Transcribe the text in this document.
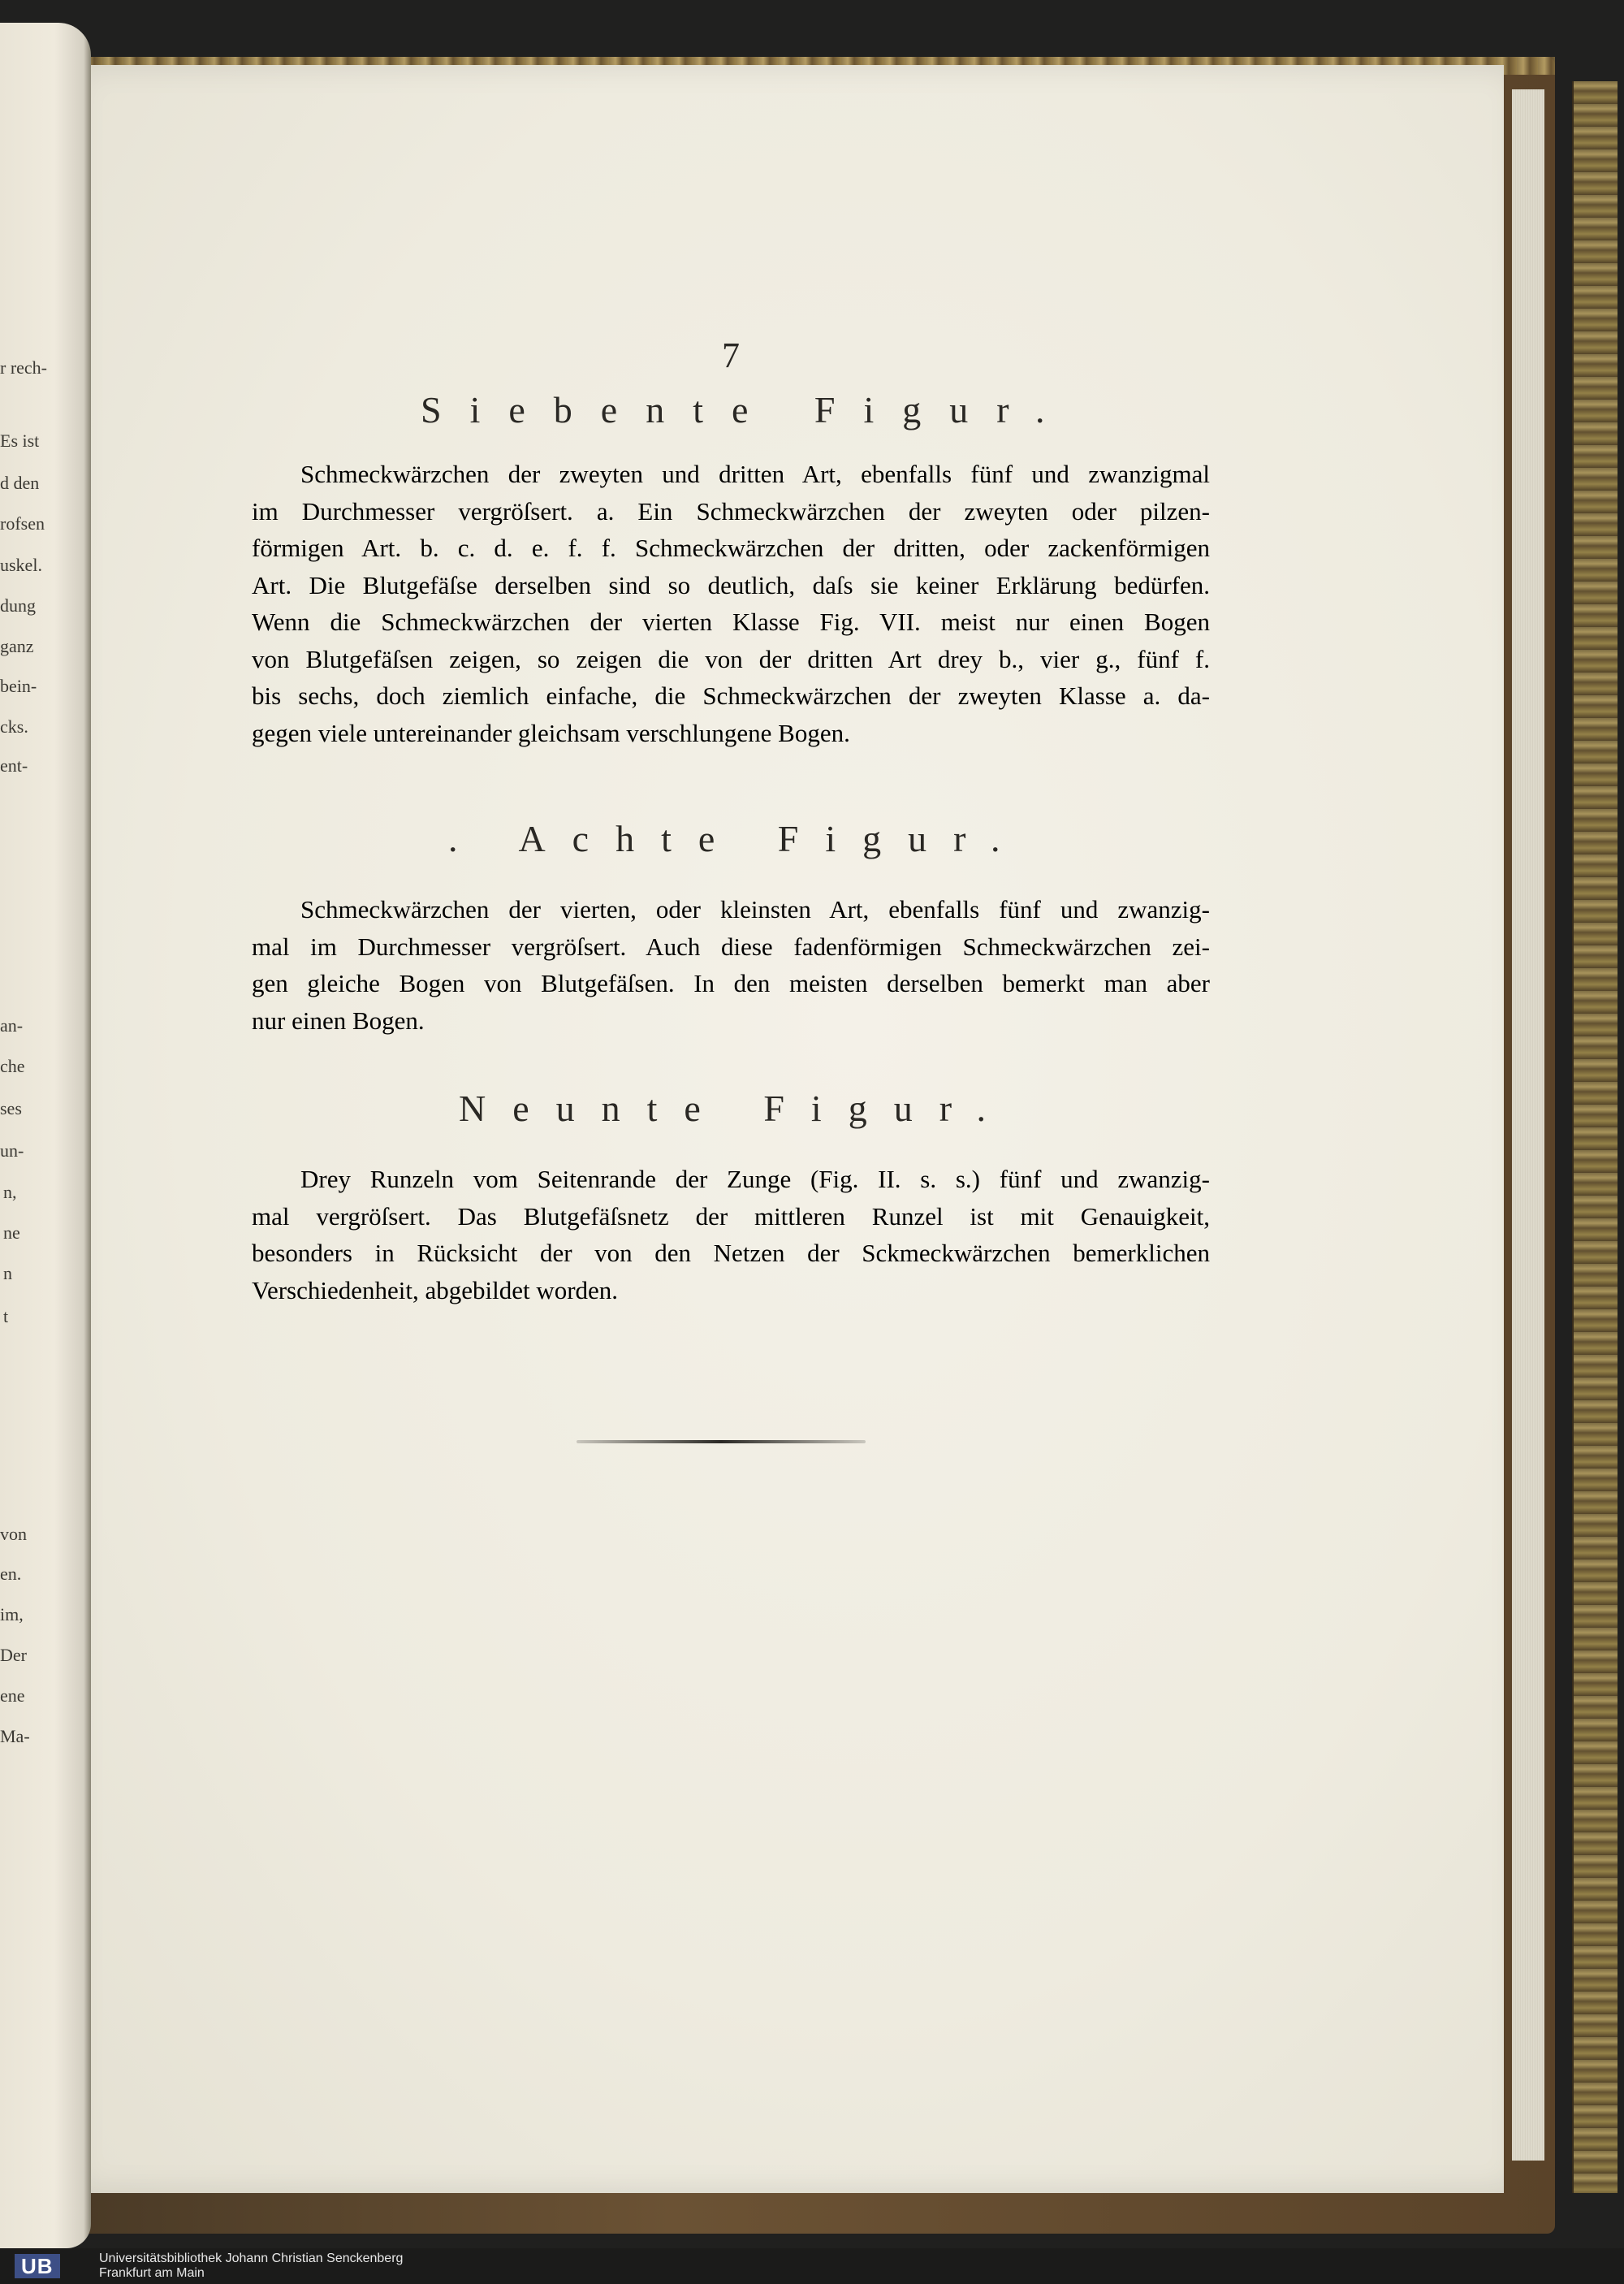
r rech-
Es ist
d den
rofsen
uskel.
dung
ganz
bein-
cks.
ent-
an-
che
ses
un-
n,
ne
n
t
von
en.
im,
Der
ene
Ma-
7
Siebente Figur.
Schmeckwärzchen der zweyten und dritten Art, ebenfalls fünf und zwanzigmal
im Durchmesser vergröſsert. a. Ein Schmeckwärzchen der zweyten oder pilzen-
förmigen Art. b. c. d. e. f. f. Schmeckwärzchen der dritten, oder zackenförmigen
Art. Die Blutgefäſse derselben sind so deutlich, daſs sie keiner Erklärung bedürfen.
Wenn die Schmeckwärzchen der vierten Klasse Fig. VII. meist nur einen Bogen
von Blutgefäſsen zeigen, so zeigen die von der dritten Art drey b., vier g., fünf f.
bis sechs, doch ziemlich einfache, die Schmeckwärzchen der zweyten Klasse a. da-
gegen viele untereinander gleichsam verschlungene Bogen.
. Achte Figur.
Schmeckwärzchen der vierten, oder kleinsten Art, ebenfalls fünf und zwanzig-
mal im Durchmesser vergröſsert. Auch diese fadenförmigen Schmeckwärzchen zei-
gen gleiche Bogen von Blutgefäſsen. In den meisten derselben bemerkt man aber
nur einen Bogen.
Neunte Figur.
Drey Runzeln vom Seitenrande der Zunge (Fig. II. s. s.) fünf und zwanzig-
mal vergröſsert. Das Blutgefäſsnetz der mittleren Runzel ist mit Genauigkeit,
besonders in Rücksicht der von den Netzen der Sckmeckwärzchen bemerklichen
Verschiedenheit, abgebildet worden.
UB	Universitätsbibliothek Johann Christian Senckenberg
Frankfurt am Main
